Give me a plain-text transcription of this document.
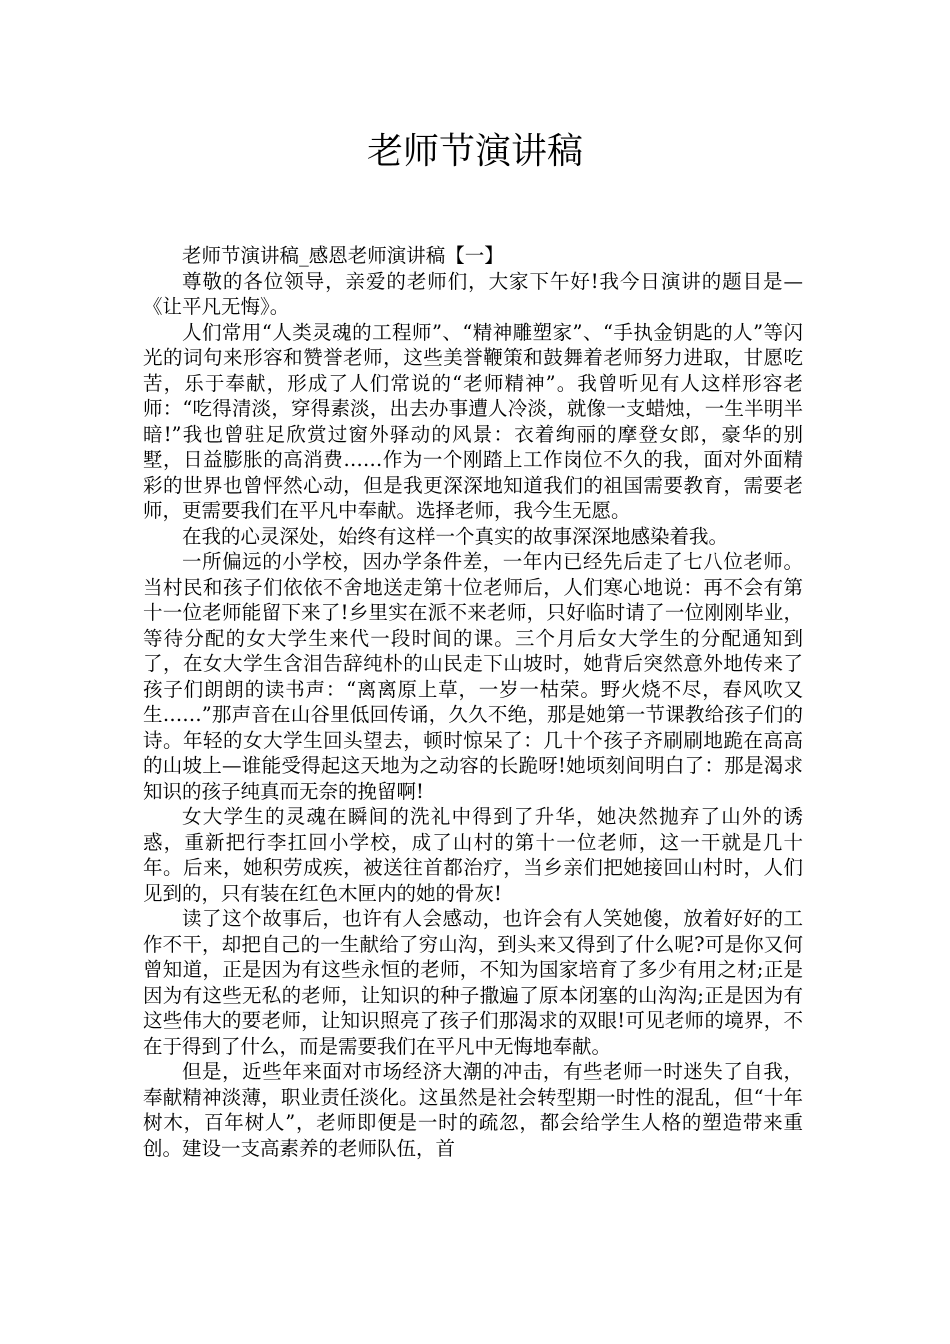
老师节演讲稿

老师节演讲稿_感恩老师演讲稿【一】

尊敬的各位领导，亲爱的老师们，大家下午好!我今日演讲的题目是—《让平凡无悔》。

人们常用“人类灵魂的工程师”、“精神雕塑家”、“手执金钥匙的人”等闪光的词句来形容和赞誉老师，这些美誉鞭策和鼓舞着老师努力进取，甘愿吃苦，乐于奉献，形成了人们常说的“老师精神”。我曾听见有人这样形容老师：“吃得清淡，穿得素淡，出去办事遭人冷淡，就像一支蜡烛，一生半明半暗!”我也曾驻足欣赏过窗外驿动的风景：衣着绚丽的摩登女郎，豪华的别墅，日益膨胀的高消费……作为一个刚踏上工作岗位不久的我，面对外面精彩的世界也曾怦然心动，但是我更深深地知道我们的祖国需要教育，需要老师，更需要我们在平凡中奉献。选择老师，我今生无愿。

在我的心灵深处，始终有这样一个真实的故事深深地感染着我。

一所偏远的小学校，因办学条件差，一年内已经先后走了七八位老师。当村民和孩子们依依不舍地送走第十位老师后，人们寒心地说：再不会有第十一位老师能留下来了!乡里实在派不来老师，只好临时请了一位刚刚毕业，等待分配的女大学生来代一段时间的课。三个月后女大学生的分配通知到了，在女大学生含泪告辞纯朴的山民走下山坡时，她背后突然意外地传来了孩子们朗朗的读书声：“离离原上草，一岁一枯荣。野火烧不尽，春风吹又生……”那声音在山谷里低回传诵，久久不绝，那是她第一节课教给孩子们的诗。年轻的女大学生回头望去，顿时惊呆了：几十个孩子齐刷刷地跪在高高的山坡上—谁能受得起这天地为之动容的长跪呀!她顷刻间明白了：那是渴求知识的孩子纯真而无奈的挽留啊!

女大学生的灵魂在瞬间的洗礼中得到了升华，她决然抛弃了山外的诱惑，重新把行李扛回小学校，成了山村的第十一位老师，这一干就是几十年。后来，她积劳成疾，被送往首都治疗，当乡亲们把她接回山村时，人们见到的，只有装在红色木匣内的她的骨灰!

读了这个故事后，也许有人会感动，也许会有人笑她傻，放着好好的工作不干，却把自己的一生献给了穷山沟，到头来又得到了什么呢?可是你又何曾知道，正是因为有这些永恒的老师，不知为国家培育了多少有用之材;正是因为有这些无私的老师，让知识的种子撒遍了原本闭塞的山沟沟;正是因为有这些伟大的要老师，让知识照亮了孩子们那渴求的双眼!可见老师的境界，不在于得到了什么，而是需要我们在平凡中无悔地奉献。

但是，近些年来面对市场经济大潮的冲击，有些老师一时迷失了自我，奉献精神淡薄，职业责任淡化。这虽然是社会转型期一时性的混乱，但“十年树木，百年树人”，老师即便是一时的疏忽，都会给学生人格的塑造带来重创。建设一支高素养的老师队伍，首
